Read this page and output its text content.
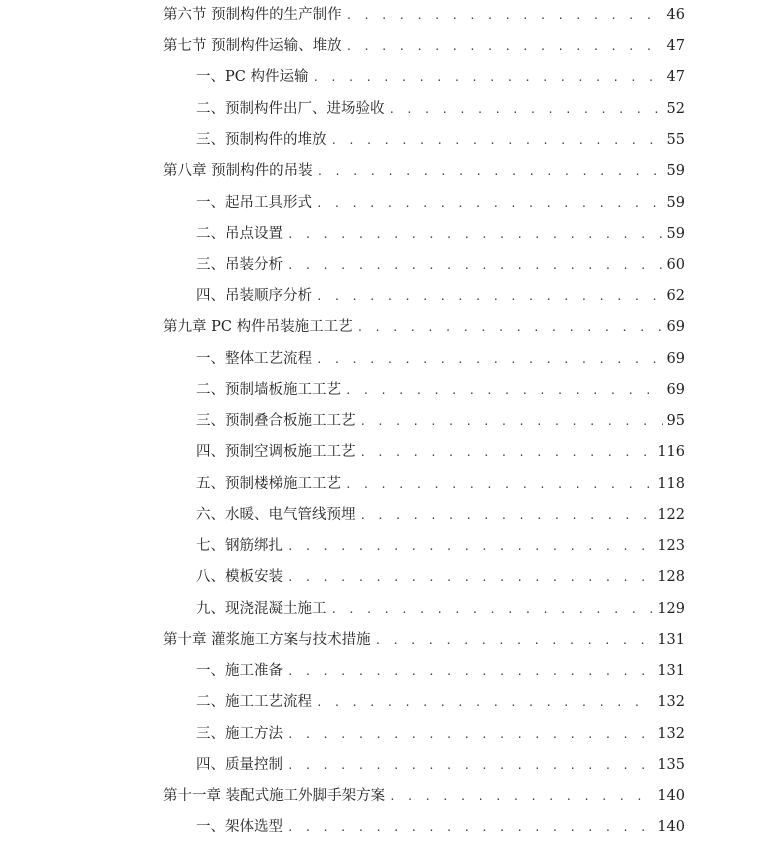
第六节 预制构件的生产制作 . . .	46
第七节 预制构件运输、堆放 . . .	47
一、PC 构件运输 . . .	47
二、预制构件出厂、进场验收 . . .	52
三、预制构件的堆放 . . .	55
第八章 预制构件的吊装 . . .	59
一、起吊工具形式 . . .	59
二、吊点设置 . . .	59
三、吊装分析 . . .	60
四、吊装顺序分析 . . .	62
第九章 PC 构件吊装施工工艺 . . .	69
一、整体工艺流程 . . .	69
二、预制墙板施工工艺 . . .	69
三、预制叠合板施工工艺 . . .	95
四、预制空调板施工工艺 . . .	116
五、预制楼梯施工工艺 . . .	118
六、水暖、电气管线预埋 . . .	122
七、钢筋绑扎 . . .	123
八、模板安装 . . .	128
九、现浇混凝土施工 . . .	129
第十章 灌浆施工方案与技术措施 . . .	131
一、施工准备 . . .	131
二、施工工艺流程 . . .	132
三、施工方法 . . .	132
四、质量控制 . . .	135
第十一章 装配式施工外脚手架方案 . . .	140
一、架体选型 . . .	140
